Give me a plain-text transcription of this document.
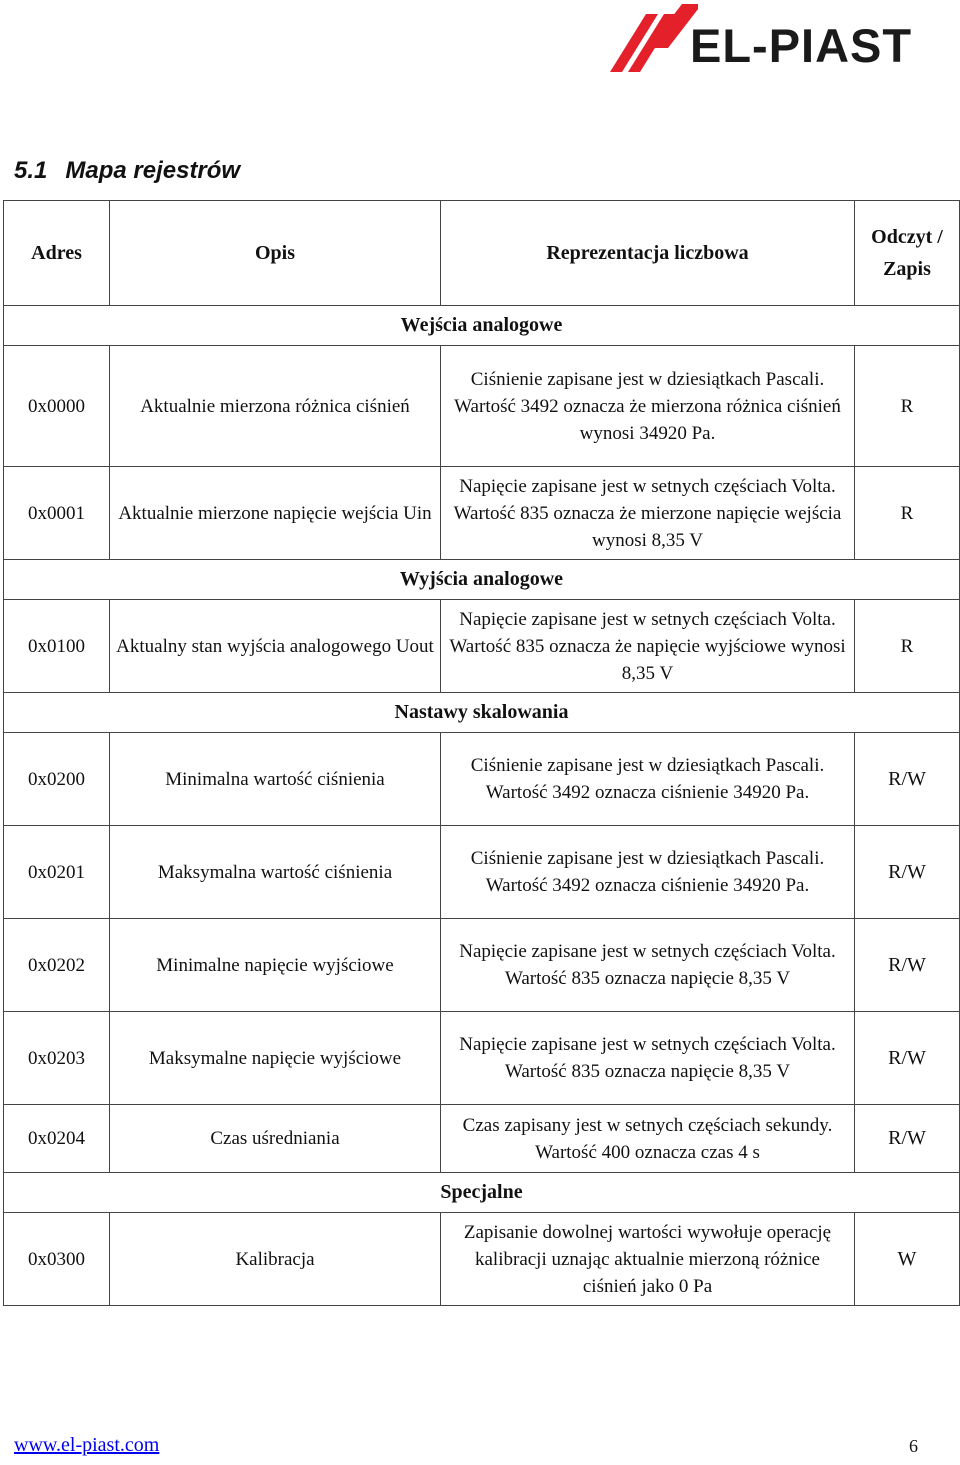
EL-PIAST
5.1 Mapa rejestrów
Adres	Opis	Reprezentacja liczbowa	Odczyt / Zapis
Wejścia analogowe			
0x0000	Aktualnie mierzona różnica ciśnień	Ciśnienie zapisane jest w dziesiątkach Pascali. Wartość 3492 oznacza że mierzona różnica ciśnień wynosi 34920 Pa.	R
0x0001	Aktualnie mierzone napięcie wejścia Uin	Napięcie zapisane jest w setnych częściach Volta. Wartość 835 oznacza że mierzone napięcie wejścia wynosi 8,35 V	R
Wyjścia analogowe			
0x0100	Aktualny stan wyjścia analogowego Uout	Napięcie zapisane jest w setnych częściach Volta. Wartość 835 oznacza że napięcie wyjściowe wynosi 8,35 V	R
Nastawy skalowania			
0x0200	Minimalna wartość ciśnienia	Ciśnienie zapisane jest w dziesiątkach Pascali. Wartość 3492 oznacza ciśnienie 34920 Pa.	R/W
0x0201	Maksymalna wartość ciśnienia	Ciśnienie zapisane jest w dziesiątkach Pascali. Wartość 3492 oznacza ciśnienie 34920 Pa.	R/W
0x0202	Minimalne napięcie wyjściowe	Napięcie zapisane jest w setnych częściach Volta. Wartość 835 oznacza napięcie 8,35 V	R/W
0x0203	Maksymalne napięcie wyjściowe	Napięcie zapisane jest w setnych częściach Volta. Wartość 835 oznacza napięcie 8,35 V	R/W
0x0204	Czas uśredniania	Czas zapisany jest w setnych częściach sekundy. Wartość 400 oznacza czas 4 s	R/W
Specjalne			
0x0300	Kalibracja	Zapisanie dowolnej wartości wywołuje operację kalibracji uznając aktualnie mierzoną różnice ciśnień jako 0 Pa	W
www.el-piast.com	6
